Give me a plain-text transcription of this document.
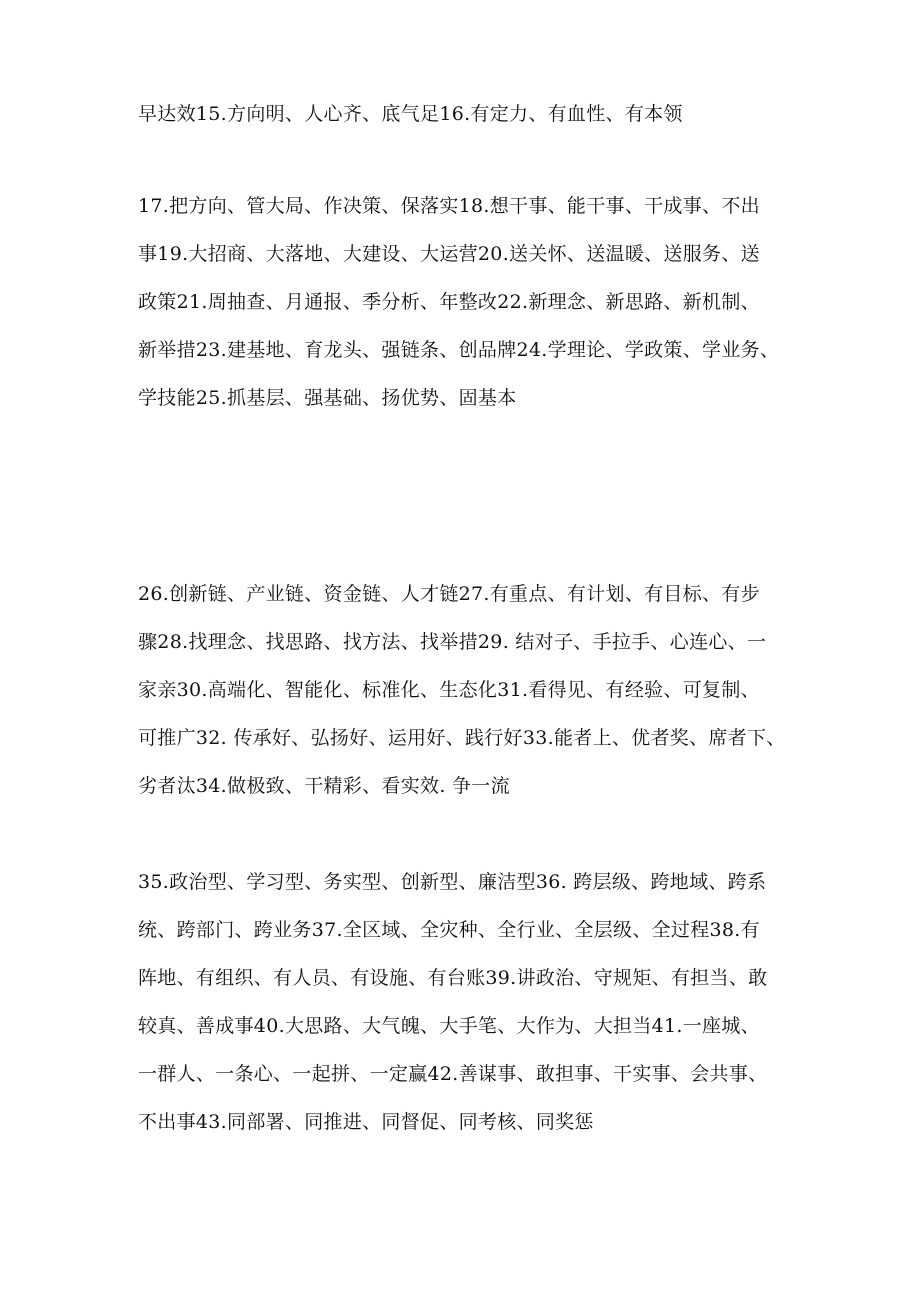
早达效15.方向明、人心齐、底气足16.有定力、有血性、有本领
17.把方向、管大局、作决策、保落实18.想干事、能干事、干成事、不出
事19.大招商、大落地、大建设、大运营20.送关怀、送温暖、送服务、送
政策21.周抽查、月通报、季分析、年整改22.新理念、新思路、新机制、
新举措23.建基地、育龙头、强链条、创品牌24.学理论、学政策、学业务、
学技能25.抓基层、强基础、扬优势、固基本
26.创新链、产业链、资金链、人才链27.有重点、有计划、有目标、有步
骤28.找理念、找思路、找方法、找举措29. 结对子、手拉手、心连心、一
家亲30.高端化、智能化、标准化、生态化31.看得见、有经验、可复制、
可推广32. 传承好、弘扬好、运用好、践行好33.能者上、优者奖、席者下、
劣者汰34.做极致、干精彩、看实效. 争一流
35.政治型、学习型、务实型、创新型、廉洁型36. 跨层级、跨地域、跨系
统、跨部门、跨业务37.全区域、全灾种、全行业、全层级、全过程38.有
阵地、有组织、有人员、有设施、有台账39.讲政治、守规矩、有担当、敢
较真、善成事40.大思路、大气魄、大手笔、大作为、大担当41.一座城、
一群人、一条心、一起拼、一定赢42.善谋事、敢担事、干实事、会共事、
不出事43.同部署、同推进、同督促、同考核、同奖惩
